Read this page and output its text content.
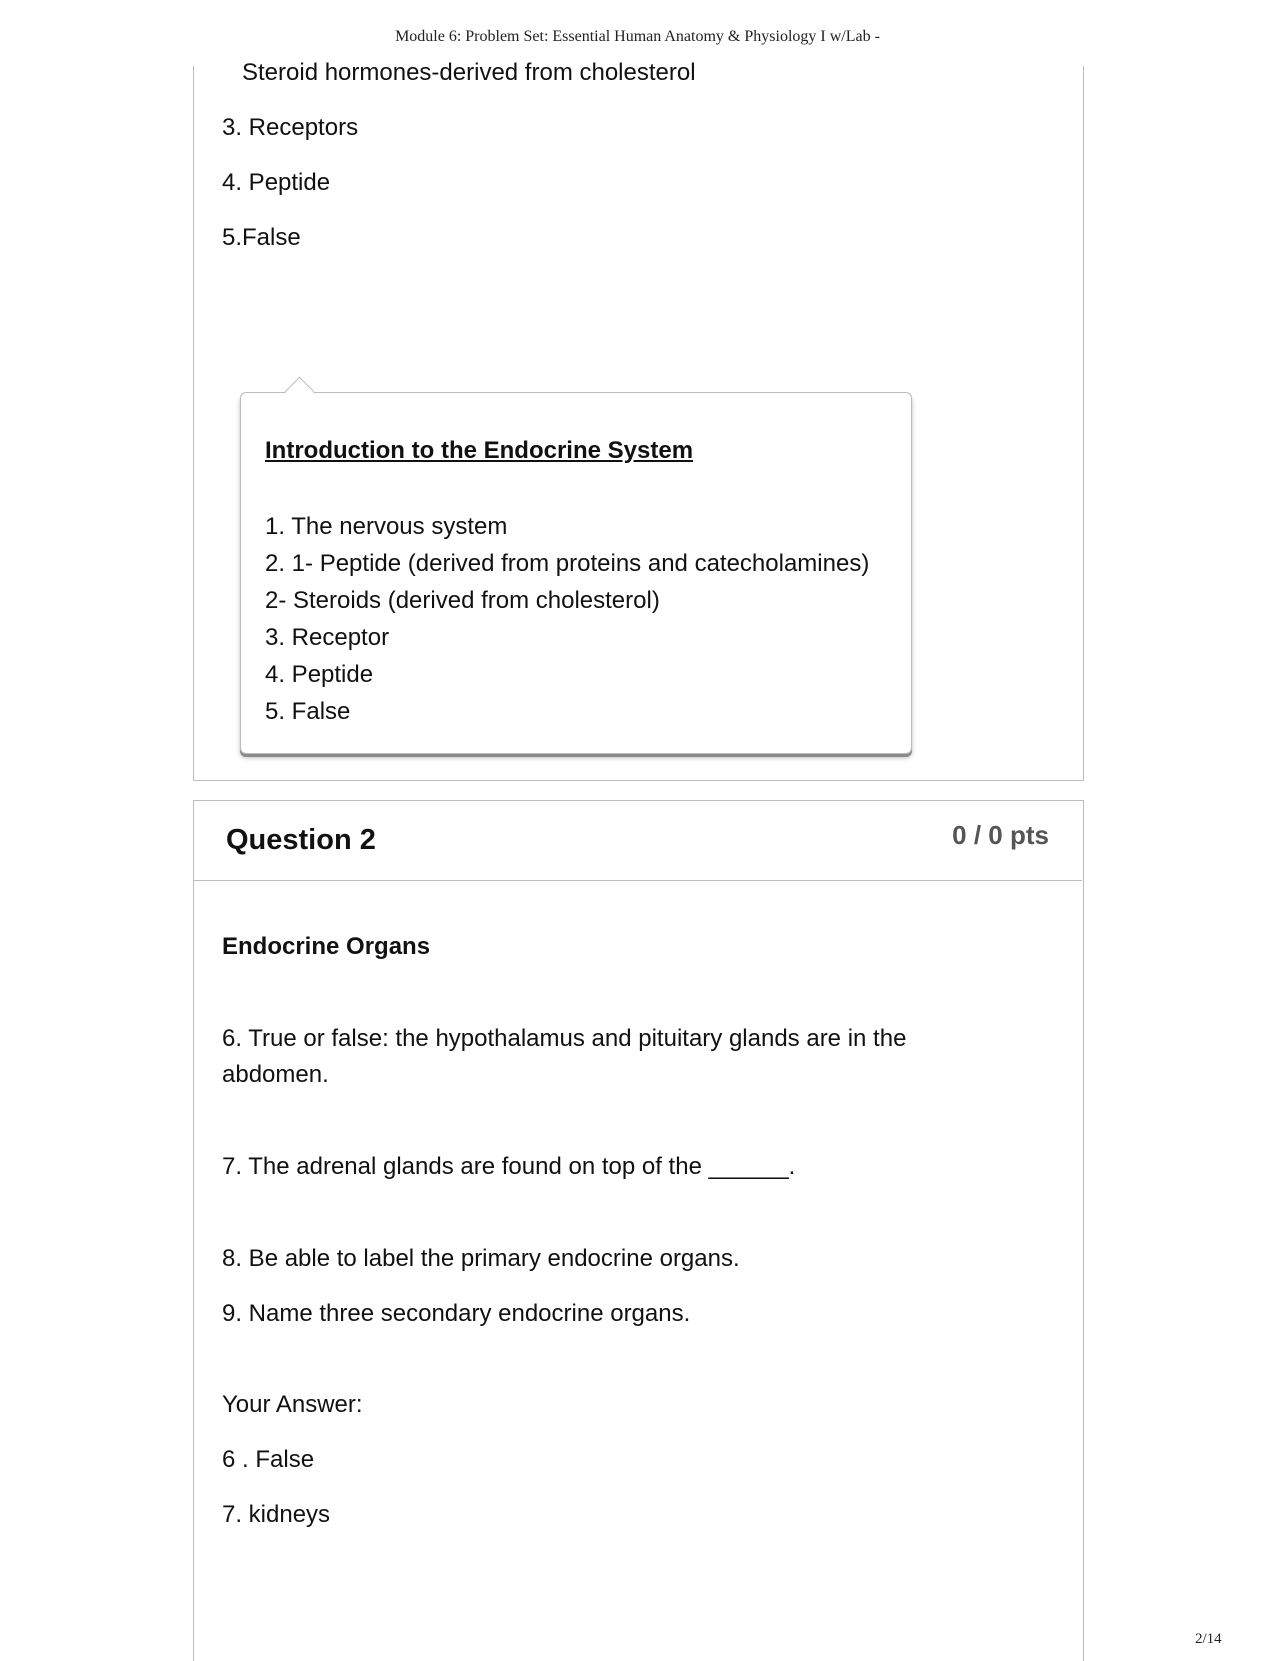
Module 6: Problem Set: Essential Human Anatomy & Physiology I w/Lab -

Steroid hormones-derived from cholesterol

3. Receptors

4. Peptide

5.False

Introduction to the Endocrine System

1. The nervous system
2. 1- Peptide (derived from proteins and catecholamines)
2- Steroids (derived from cholesterol)
3. Receptor
4. Peptide
5. False

Question 2	0 / 0 pts

Endocrine Organs

6. True or false: the hypothalamus and pituitary glands are in the

abdomen.

7. The adrenal glands are found on top of the ______.

8. Be able to label the primary endocrine organs.

9. Name three secondary endocrine organs.

Your Answer:

6 . False

7. kidneys

2/14
